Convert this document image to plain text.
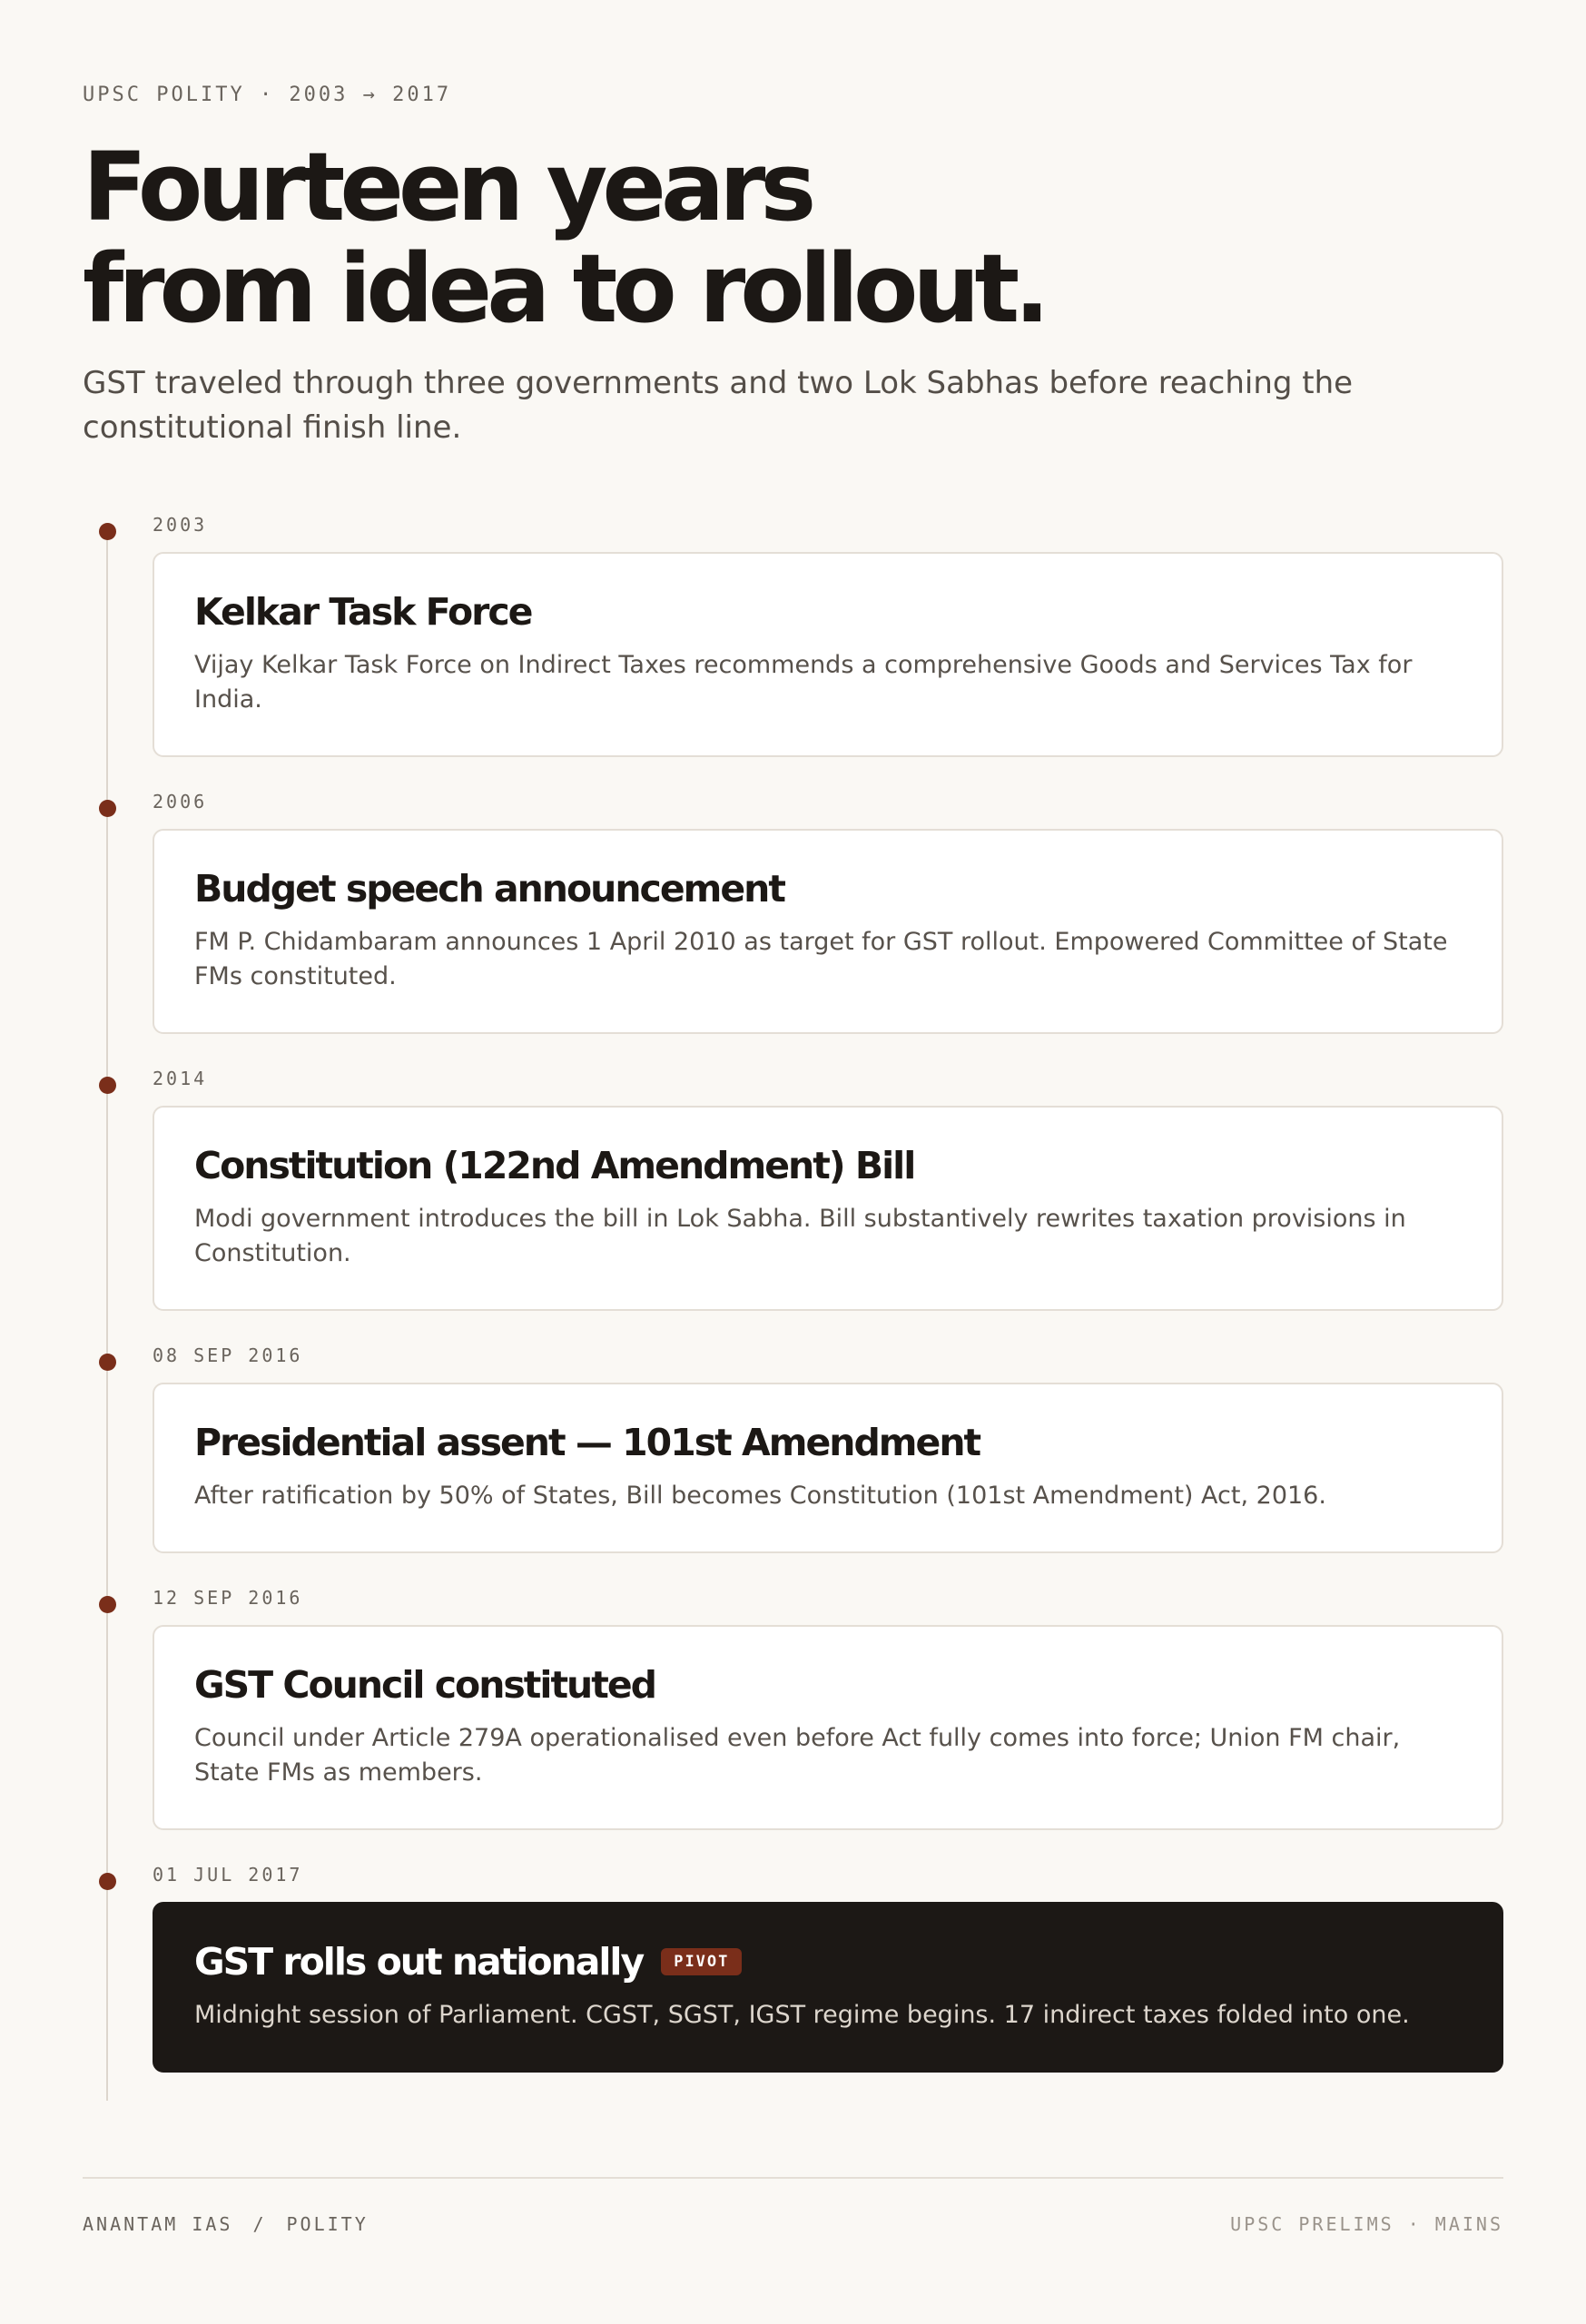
UPSC POLITY · 2003 → 2017
Fourteen years
from idea to rollout.

GST traveled through three governments and two Lok Sabhas before reaching the constitutional finish line.

2003
Kelkar Task Force

Vijay Kelkar Task Force on Indirect Taxes recommends a comprehensive Goods and Services Tax for India.

2006
Budget speech announcement

FM P. Chidambaram announces 1 April 2010 as target for GST rollout. Empowered Committee of State FMs constituted.

2014
Constitution (122nd Amendment) Bill

Modi government introduces the bill in Lok Sabha. Bill substantively rewrites taxation provisions in Constitution.

08 SEP 2016
Presidential assent — 101st Amendment

After ratification by 50% of States, Bill becomes Constitution (101st Amendment) Act, 2016.

12 SEP 2016
GST Council constituted

Council under Article 279A operationalised even before Act fully comes into force; Union FM chair, State FMs as members.

01 JUL 2017
GST rolls out nationally PIVOT

Midnight session of Parliament. CGST, SGST, IGST regime begins. 17 indirect taxes folded into one.

ANANTAM IAS / POLITY	UPSC PRELIMS · MAINS
